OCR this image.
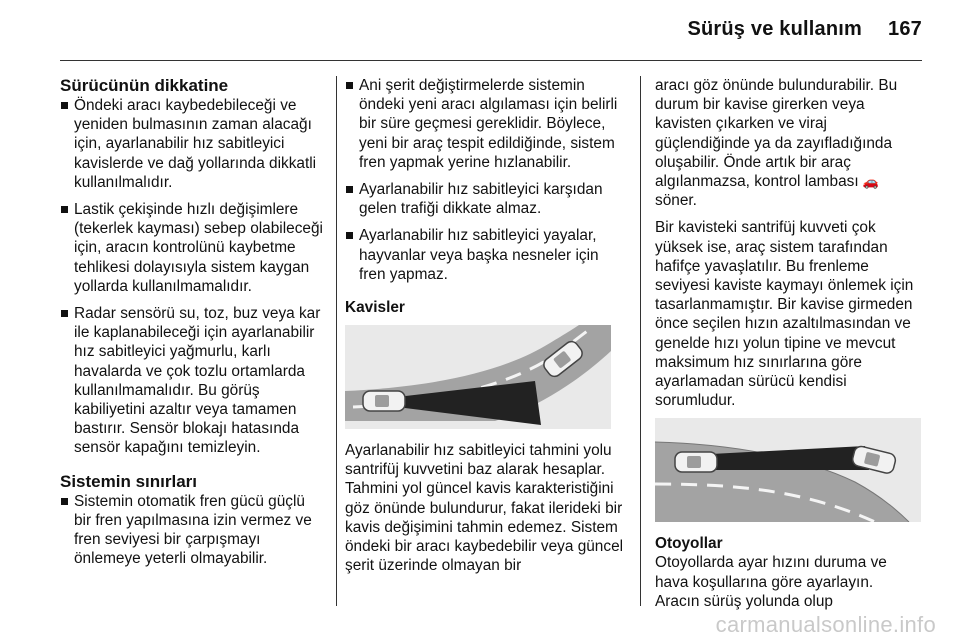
Sürüş ve kullanım 167
Sürücünün dikkatine
Öndeki aracı kaybedebileceği ve yeniden bulmasının zaman alacağı için, ayarlanabilir hız sabitleyici kavislerde ve dağ yollarında dikkatli kullanılmalıdır.
Lastik çekişinde hızlı değişimlere (tekerlek kayması) sebep olabileceği için, aracın kontrolünü kaybetme tehlikesi dolayısıyla sistem kaygan yollarda kullanılmamalıdır.
Radar sensörü su, toz, buz veya kar ile kaplanabileceği için ayarlanabilir hız sabitleyici yağmurlu, karlı havalarda ve çok tozlu ortamlarda kullanılmamalıdır. Bu görüş kabiliyetini azaltır veya tamamen bastırır. Sensör blokajı hatasında sensör kapağını temizleyin.
Sistemin sınırları
Sistemin otomatik fren gücü güçlü bir fren yapılmasına izin vermez ve fren seviyesi bir çarpışmayı önlemeye yeterli olmayabilir.
Ani şerit değiştirmelerde sistemin öndeki yeni aracı algılaması için belirli bir süre geçmesi gereklidir. Böylece, yeni bir araç tespit edildiğinde, sistem fren yapmak yerine hızlanabilir.
Ayarlanabilir hız sabitleyici karşıdan gelen trafiği dikkate almaz.
Ayarlanabilir hız sabitleyici yayalar, hayvanlar veya başka nesneler için fren yapmaz.
Kavisler

Ayarlanabilir hız sabitleyici tahmini yolu santrifüj kuvvetini baz alarak hesaplar. Tahmini yol güncel kavis karakteristiğini göz önünde bulundurur, fakat ilerideki bir kavis değişimini tahmin edemez. Sistem öndeki bir aracı kaybedebilir veya güncel şerit üzerinde olmayan bir

aracı göz önünde bulundurabilir. Bu durum bir kavise girerken veya kavisten çıkarken ve viraj güçlendiğinde ya da zayıfladığında oluşabilir. Önde artık bir araç algılanmazsa, kontrol lambası 🚗
söner.

Bir kavisteki santrifüj kuvveti çok yüksek ise, araç sistem tarafından hafifçe yavaşlatılır. Bu frenleme seviyesi kaviste kaymayı önlemek için tasarlanmamıştır. Bir kavise girmeden önce seçilen hızın azaltılmasından ve genelde hızı yolun tipine ve mevcut maksimum hız sınırlarına göre ayarlamadan sürücü kendisi sorumludur.

Otoyollar

Otoyollarda ayar hızını duruma ve hava koşullarına göre ayarlayın. Aracın sürüş yolunda olup

carmanualsonline.info
